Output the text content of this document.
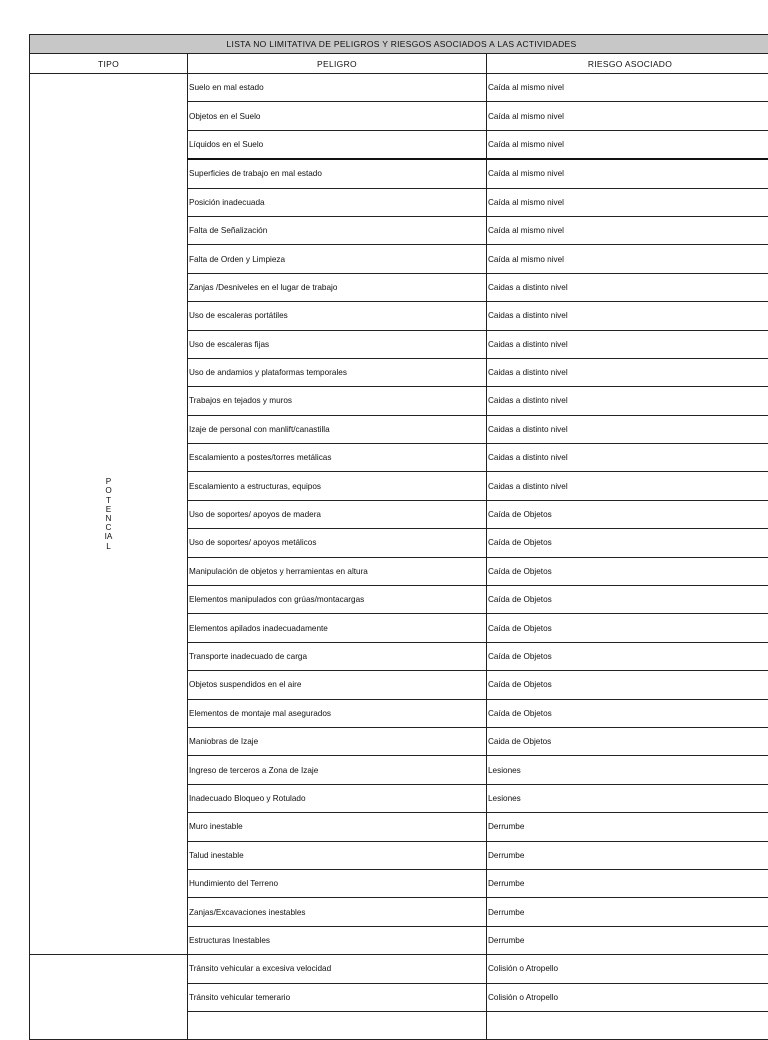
LISTA NO LIMITATIVA DE PELIGROS Y RIESGOS ASOCIADOS A LAS ACTIVIDADES		
TIPO	PELIGRO	RIESGO ASOCIADO
POTENCIAL	Suelo en mal estado	Caída al mismo nivel

	Objetos en el Suelo	Caída al mismo nivel

	Líquidos en el Suelo	Caída al mismo nivel

	Superficies de trabajo en mal estado	Caída al mismo nivel

	Posición inadecuada	Caída al mismo nivel

	Falta de Señalización	Caída al mismo nivel

	Falta de Orden y Limpieza	Caída al mismo nivel

	Zanjas /Desniveles en el lugar de trabajo	Caidas a distinto nivel

	Uso de escaleras portátiles	Caidas a distinto nivel

	Uso de escaleras fijas	Caidas a distinto nivel

	Uso de andamios y plataformas temporales	Caidas a distinto nivel

	Trabajos en tejados y muros	Caidas a distinto nivel

	Izaje de personal con manlift/canastilla	Caidas a distinto nivel

	Escalamiento a postes/torres metálicas	Caidas a distinto nivel

	Escalamiento a estructuras, equipos	Caidas a distinto nivel

	Uso de soportes/ apoyos de madera	Caída de Objetos

	Uso de soportes/ apoyos metálicos	Caída de Objetos

	Manipulación de objetos y herramientas en altura	Caída de Objetos

	Elementos manipulados con grúas/montacargas	Caída de Objetos

	Elementos apilados inadecuadamente	Caída de Objetos

	Transporte inadecuado de carga	Caída de Objetos

	Objetos suspendidos en el aire	Caída de Objetos

	Elementos de montaje mal asegurados	Caída de Objetos

	Maniobras de Izaje	Caida de Objetos

	Ingreso de terceros a Zona de Izaje	Lesiones

	Inadecuado Bloqueo y Rotulado	Lesiones

	Muro inestable	Derrumbe

	Talud inestable	Derrumbe

	Hundimiento del Terreno	Derrumbe

	Zanjas/Excavaciones inestables	Derrumbe

	Estructuras Inestables	Derrumbe

	Tránsito vehicular a excesiva velocidad	Colisión o Atropello

	Tránsito vehicular temerario	Colisión o Atropello
